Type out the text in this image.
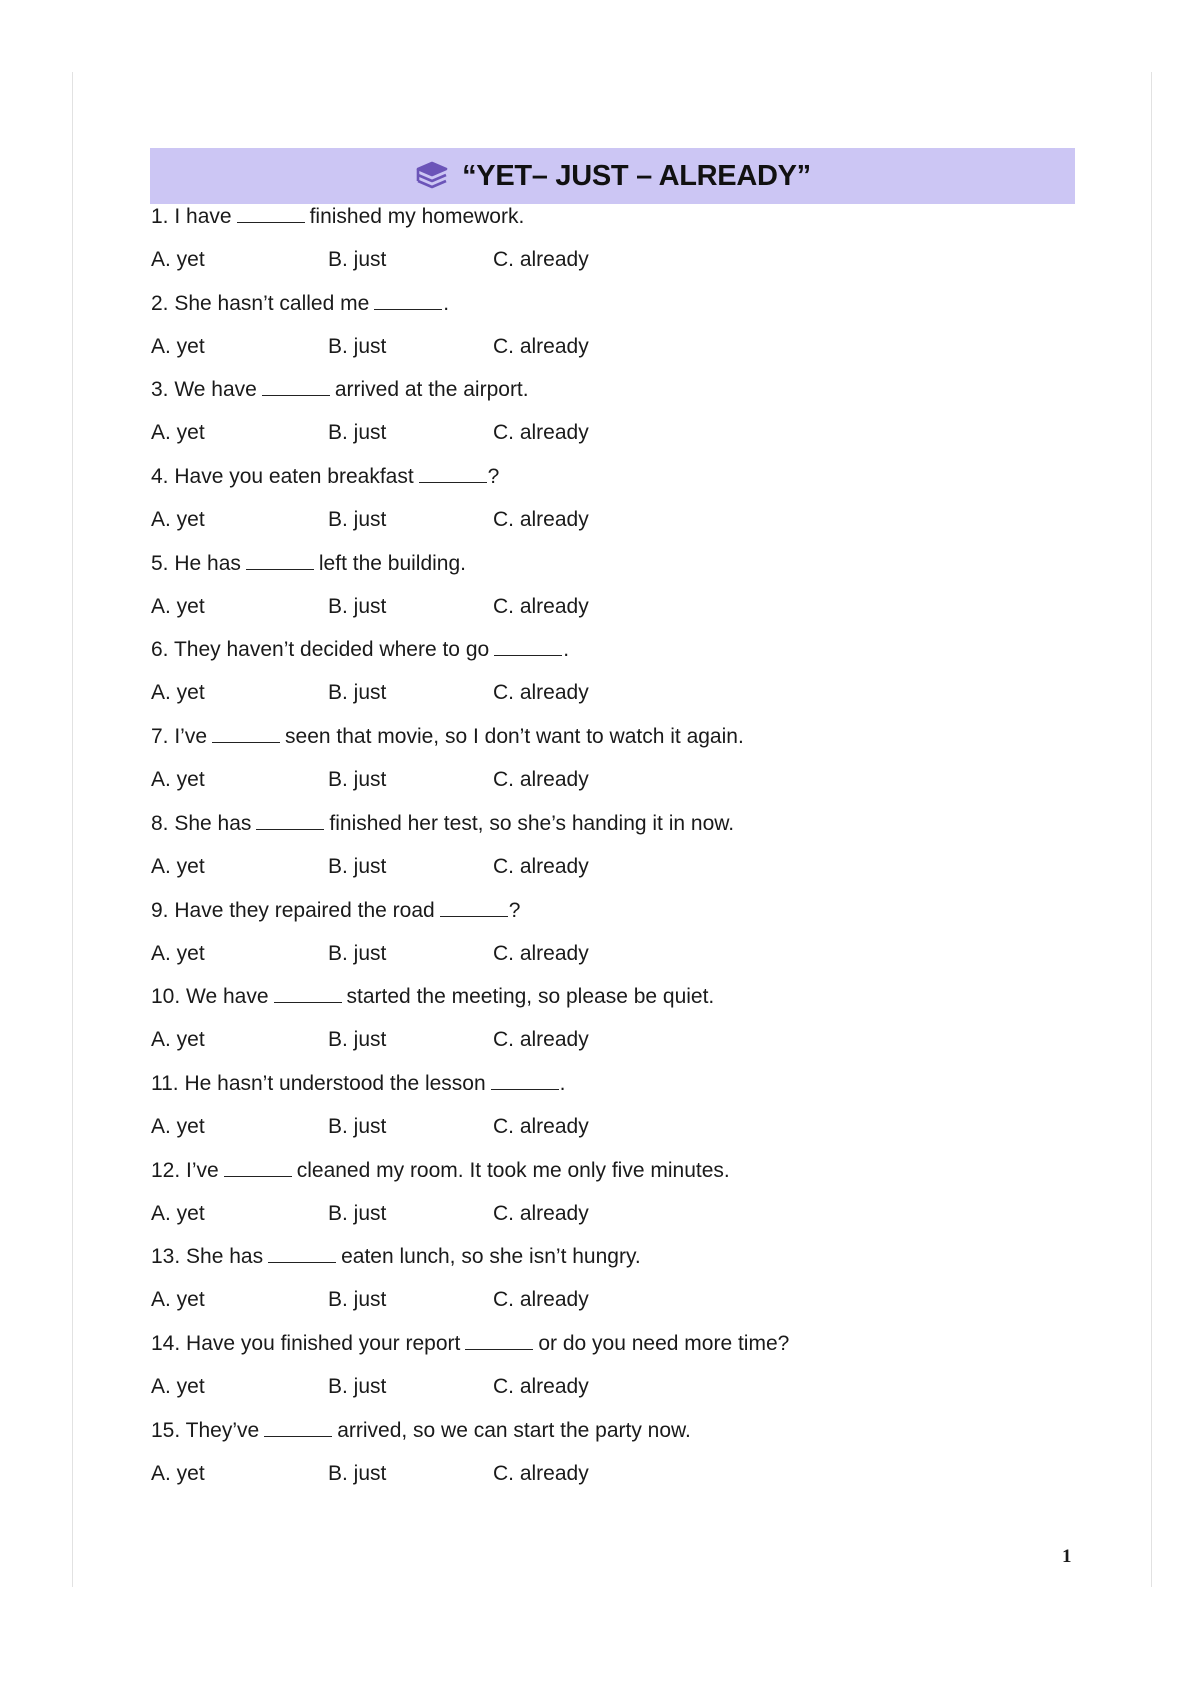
“YET– JUST – ALREADY”
1. I have	finished my homework.
A. yet	B. just	C. already
2. She hasn’t called me	.
A. yet	B. just	C. already
3. We have	arrived at the airport.
A. yet	B. just	C. already
4. Have you eaten breakfast	?
A. yet	B. just	C. already
5. He has	left the building.
A. yet	B. just	C. already
6. They haven’t decided where to go	.
A. yet	B. just	C. already
7. I’ve	seen that movie, so I don’t want to watch it again.
A. yet	B. just	C. already
8. She has	finished her test, so she’s handing it in now.
A. yet	B. just	C. already
9. Have they repaired the road	?
A. yet	B. just	C. already
10. We have	started the meeting, so please be quiet.
A. yet	B. just	C. already
11. He hasn’t understood the lesson	.
A. yet	B. just	C. already
12. I’ve	cleaned my room. It took me only five minutes.
A. yet	B. just	C. already
13. She has	eaten lunch, so she isn’t hungry.
A. yet	B. just	C. already
14. Have you finished your report	or do you need more time?
A. yet	B. just	C. already
15. They’ve	arrived, so we can start the party now.
A. yet	B. just	C. already
1
